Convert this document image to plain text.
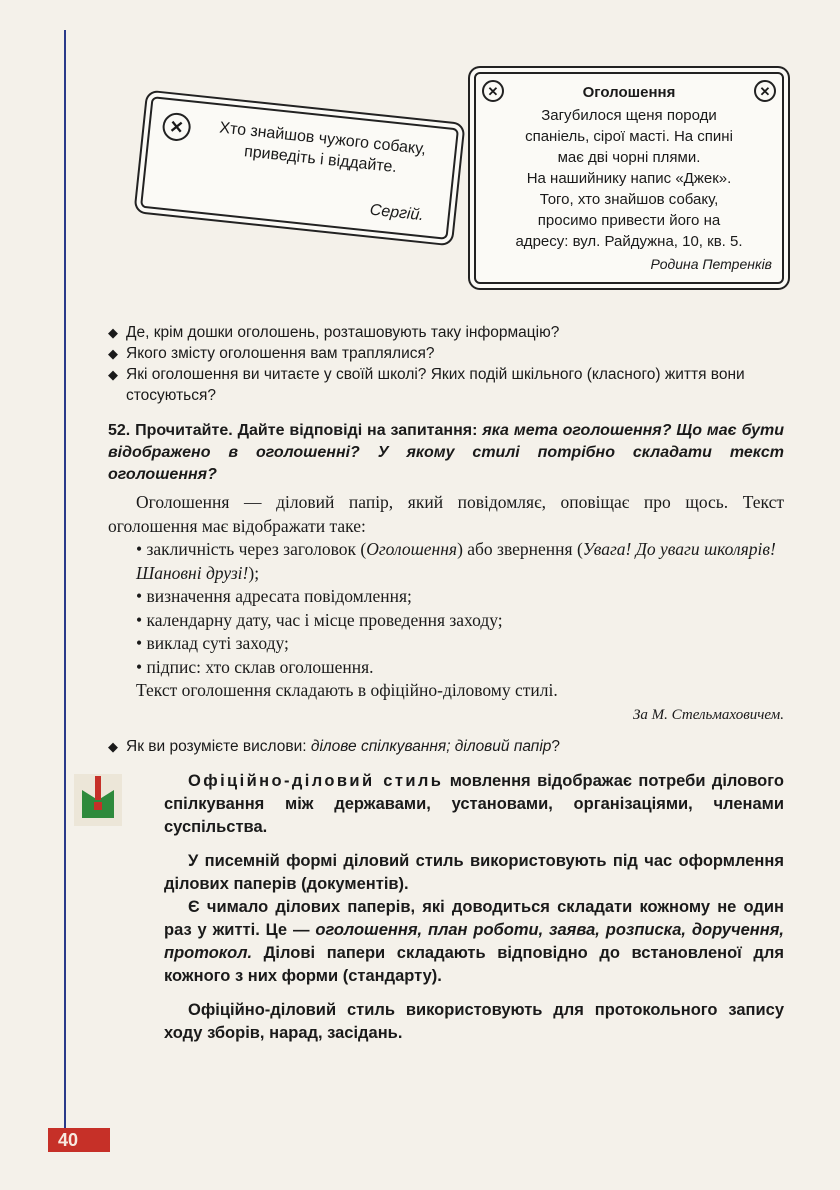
✕	Хто знайшов чужого собаку, приведіть і віддайте.
Сергій.
✕	✕
Оголошення
Загубилося щеня породи
спаніель, сірої масті. На спині
має дві чорні плями.
На нашийнику напис «Джек».
Того, хто знайшов собаку,
просимо привести його на
адресу: вул. Райдужна, 10, кв. 5.
Родина Петренків
◆ Де, крім дошки оголошень, розташовують таку інформацію?
◆ Якого змісту оголошення вам траплялися?
◆ Які оголошення ви читаєте у своїй школі? Яких подій шкільного (класного) життя вони стосуються?
52. Прочитайте. Дайте відповіді на запитання: яка мета оголошення? Що має бути відображено в оголошенні? У якому стилі потрібно складати текст оголошення?

Оголошення — діловий папір, який повідомляє, оповіщає про щось. Текст оголошення має відображати таке:

• закличність через заголовок (Оголошення) або звернення (Увага! До уваги школярів! Шановні друзі!);

• визначення адресата повідомлення;

• календарну дату, час і місце проведення заходу;

• виклад суті заходу;

• підпис: хто склав оголошення.

Текст оголошення складають в офіційно-діловому стилі.

За М. Стельмаховичем.

◆ Як ви розумієте вислови: ділове спілкування; діловий папір?

Офіційно-діловий стиль мовлення відображає потреби ділового спілкування між державами, установами, організаціями, членами суспільства.

У писемній формі діловий стиль використовують під час оформлення ділових паперів (документів).

Є чимало ділових паперів, які доводиться складати кожному не один раз у житті. Це — оголошення, план роботи, заява, розписка, доручення, протокол. Ділові папери складають відповідно до встановленої для кожного з них форми (стандарту).

Офіційно-діловий стиль використовують для протокольного запису ходу зборів, нарад, засідань.

40
